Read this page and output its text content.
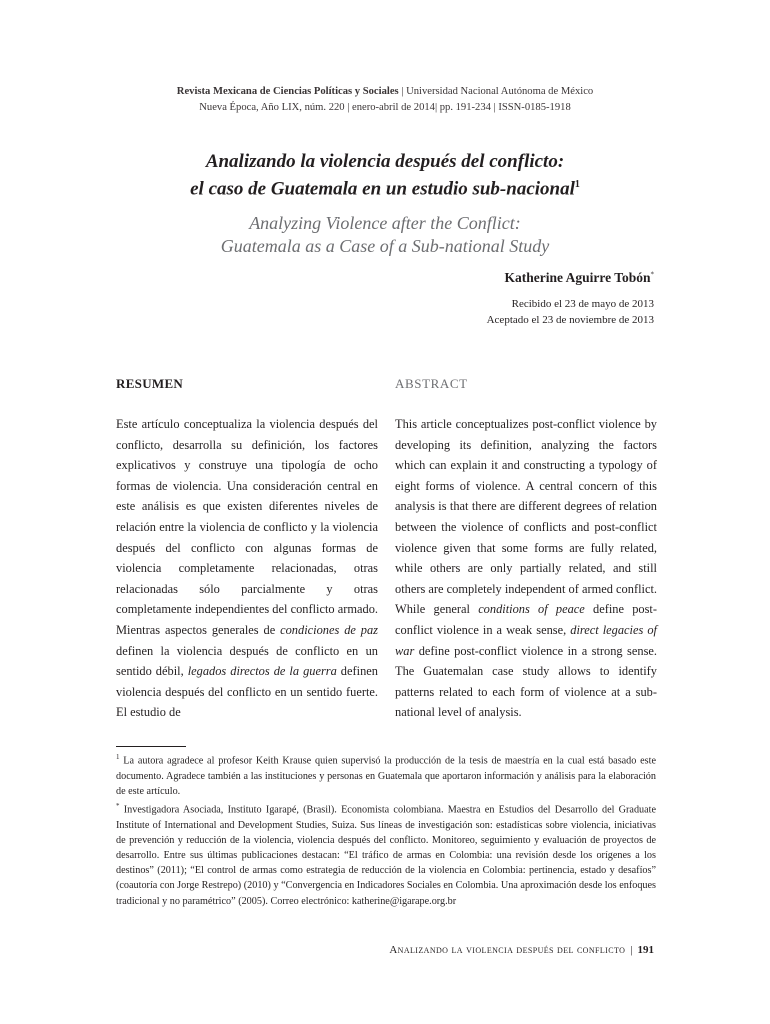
Revista Mexicana de Ciencias Políticas y Sociales | Universidad Nacional Autónoma de México
Nueva Época, Año LIX, núm. 220 | enero-abril de 2014| pp. 191-234 | ISSN-0185-1918
Analizando la violencia después del conflicto:
el caso de Guatemala en un estudio sub-nacional$^1$
Analyzing Violence after the Conflict:
Guatemala as a Case of a Sub-national Study
Katherine Aguirre Tobón*
Recibido el 23 de mayo de 2013
Aceptado el 23 de noviembre de 2013
RESUMEN	ABSTRACT

Este artículo conceptualiza la violencia después del conflicto, desarrolla su definición, los factores explicativos y construye una tipología de ocho formas de violencia. Una consideración central en este análisis es que existen diferentes niveles de relación entre la violencia de conflicto y la violencia después del conflicto con algunas formas de violencia completamente relacionadas, otras relacionadas sólo parcialmente y otras completamente independientes del conflicto armado. Mientras aspectos generales de condiciones de paz definen la violencia después de conflicto en un sentido débil, legados directos de la guerra definen violencia después del conflicto en un sentido fuerte. El estudio de

This article conceptualizes post-conflict violence by developing its definition, analyzing the factors which can explain it and constructing a typology of eight forms of violence. A central concern of this analysis is that there are different degrees of relation between the violence of conflicts and post-conflict violence given that some forms are fully related, while others are only partially related, and still others are completely independent of armed conflict. While general conditions of peace define post-conflict violence in a weak sense, direct legacies of war define post-conflict violence in a strong sense. The Guatemalan case study allows to identify patterns related to each form of violence at a sub-national level of analysis.

$^1$ La autora agradece al profesor Keith Krause quien supervisó la producción de la tesis de maestría en la cual está basado este documento. Agradece también a las instituciones y personas en Guatemala que aportaron información y análisis para la elaboración de este artículo.

* Investigadora Asociada, Instituto Igarapé, (Brasil). Economista colombiana. Maestra en Estudios del Desarrollo del Graduate Institute of International and Development Studies, Suiza. Sus líneas de investigación son: estadísticas sobre violencia, iniciativas de prevención y reducción de la violencia, violencia después del conflicto. Monitoreo, seguimiento y evaluación de proyectos de desarrollo. Entre sus últimas publicaciones destacan: “El tráfico de armas en Colombia: una revisión desde los orígenes a los destinos” (2011); “El control de armas como estrategia de reducción de la violencia en Colombia: pertinencia, estado y desafíos” (coautoría con Jorge Restrepo) (2010) y “Convergencia en Indicadores Sociales en Colombia. Una aproximación desde los enfoques tradicional y no paramétrico” (2005). Correo electrónico: katherine@igarape.org.br

Analizando la violencia después del conflicto | 191
